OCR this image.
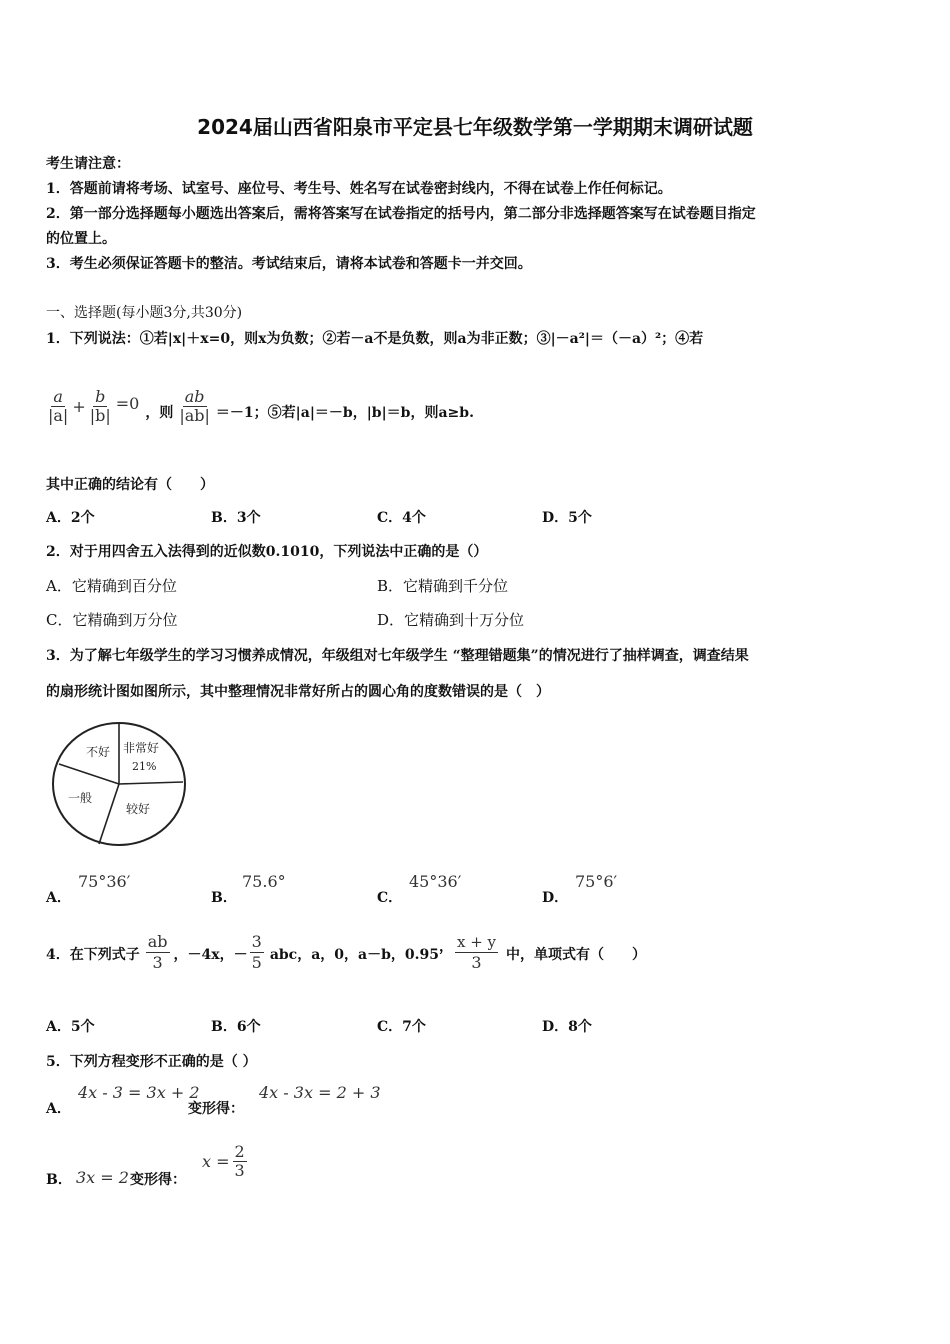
2024届山西省阳泉市平定县七年级数学第一学期期末调研试题
考生请注意：
1．答题前请将考场、试室号、座位号、考生号、姓名写在试卷密封线内，不得在试卷上作任何标记。
2．第一部分选择题每小题选出答案后，需将答案写在试卷指定的括号内，第二部分非选择题答案写在试卷题目指定
的位置上。
3．考生必须保证答题卡的整洁。考试结束后，请将本试卷和答题卡一并交回。
一、选择题(每小题3分,共30分)
1．下列说法：①若|x|＋x=0，则x为负数；②若－a不是负数，则a为非正数；③|－a²|＝（－a）²；④若
$\frac{a}{|a|} + \frac{b}{|b|} =0$ ，则 $\frac{ab}{|ab|} =-1$；⑤若|a|＝－b，|b|＝b，则a≥b.
其中正确的结论有（　　）
A．2个	B．3个	C．4个	D．5个
2．对于用四舍五入法得到的近似数0.1010，下列说法中正确的是（）
A．它精确到百分位	B．它精确到千分位
C．它精确到万分位	D．它精确到十万分位
3．为了解七年级学生的学习习惯养成情况，年级组对七年级学生 “整理错题集”的情况进行了抽样调查，调查结果
的扇形统计图如图所示，其中整理情况非常好所占的圆心角的度数错误的是（　）
不好 非常好
21%
一般
较好
A．
75°36′
B．
75.6°
C．
45°36′
D．
75°6′
4．在下列式子 $\frac{ab}{3}$ ，－4x，－ $\frac{3}{5}$ abc，a，0，a－b，0.95 ， $\frac{x + y}{3}$ 中，单项式有（　　）
A．5个	B．6个	C．7个	D．8个
5．下列方程变形不正确的是（ ）
A．
4x - 3 = 3x + 2
变形得：
4x - 3x = 2 + 3
B． 3x = 2 变形得：
$x = \frac{2}{3}$
